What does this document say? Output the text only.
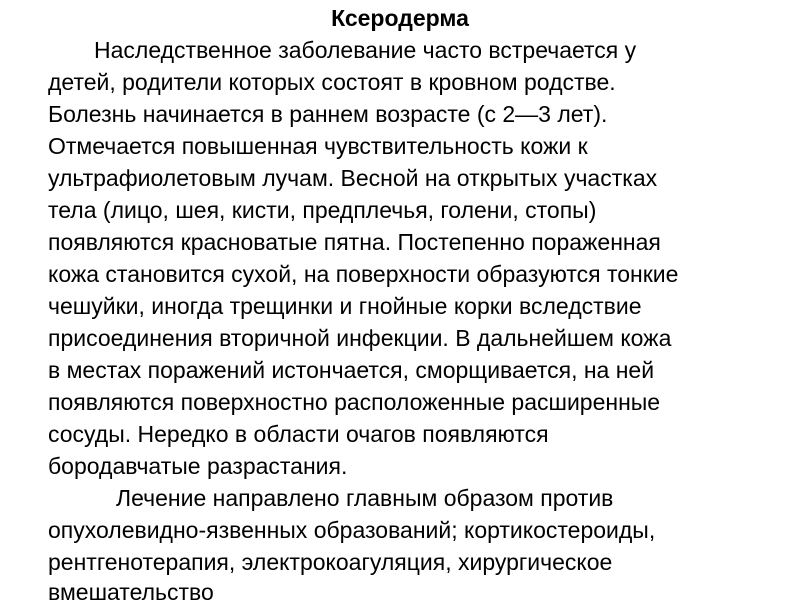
Ксеродерма
Наследственное заболевание часто встречается у
детей, родители которых состоят в кровном родстве.
Болезнь начинается в раннем возрасте (с 2—3 лет).
Отмечается повышенная чувствительность кожи к
ультрафиолетовым лучам. Весной на открытых участках
тела (лицо, шея, кисти, предплечья, голени, стопы)
появляются красноватые пятна. Постепенно пораженная
кожа становится сухой, на поверхности образуются тонкие
чешуйки, иногда трещинки и гнойные корки вследствие
присоединения вторичной инфекции. В дальнейшем кожа
в местах поражений истончается, сморщивается, на ней
появляются поверхностно расположенные расширенные
сосуды. Нередко в области очагов появляются
бородавчатые разрастания.
Лечение направлено главным образом против
опухолевидно-язвенных образований; кортикостероиды,
рентгенотерапия, электрокоагуляция, хирургическое
вмешательство
